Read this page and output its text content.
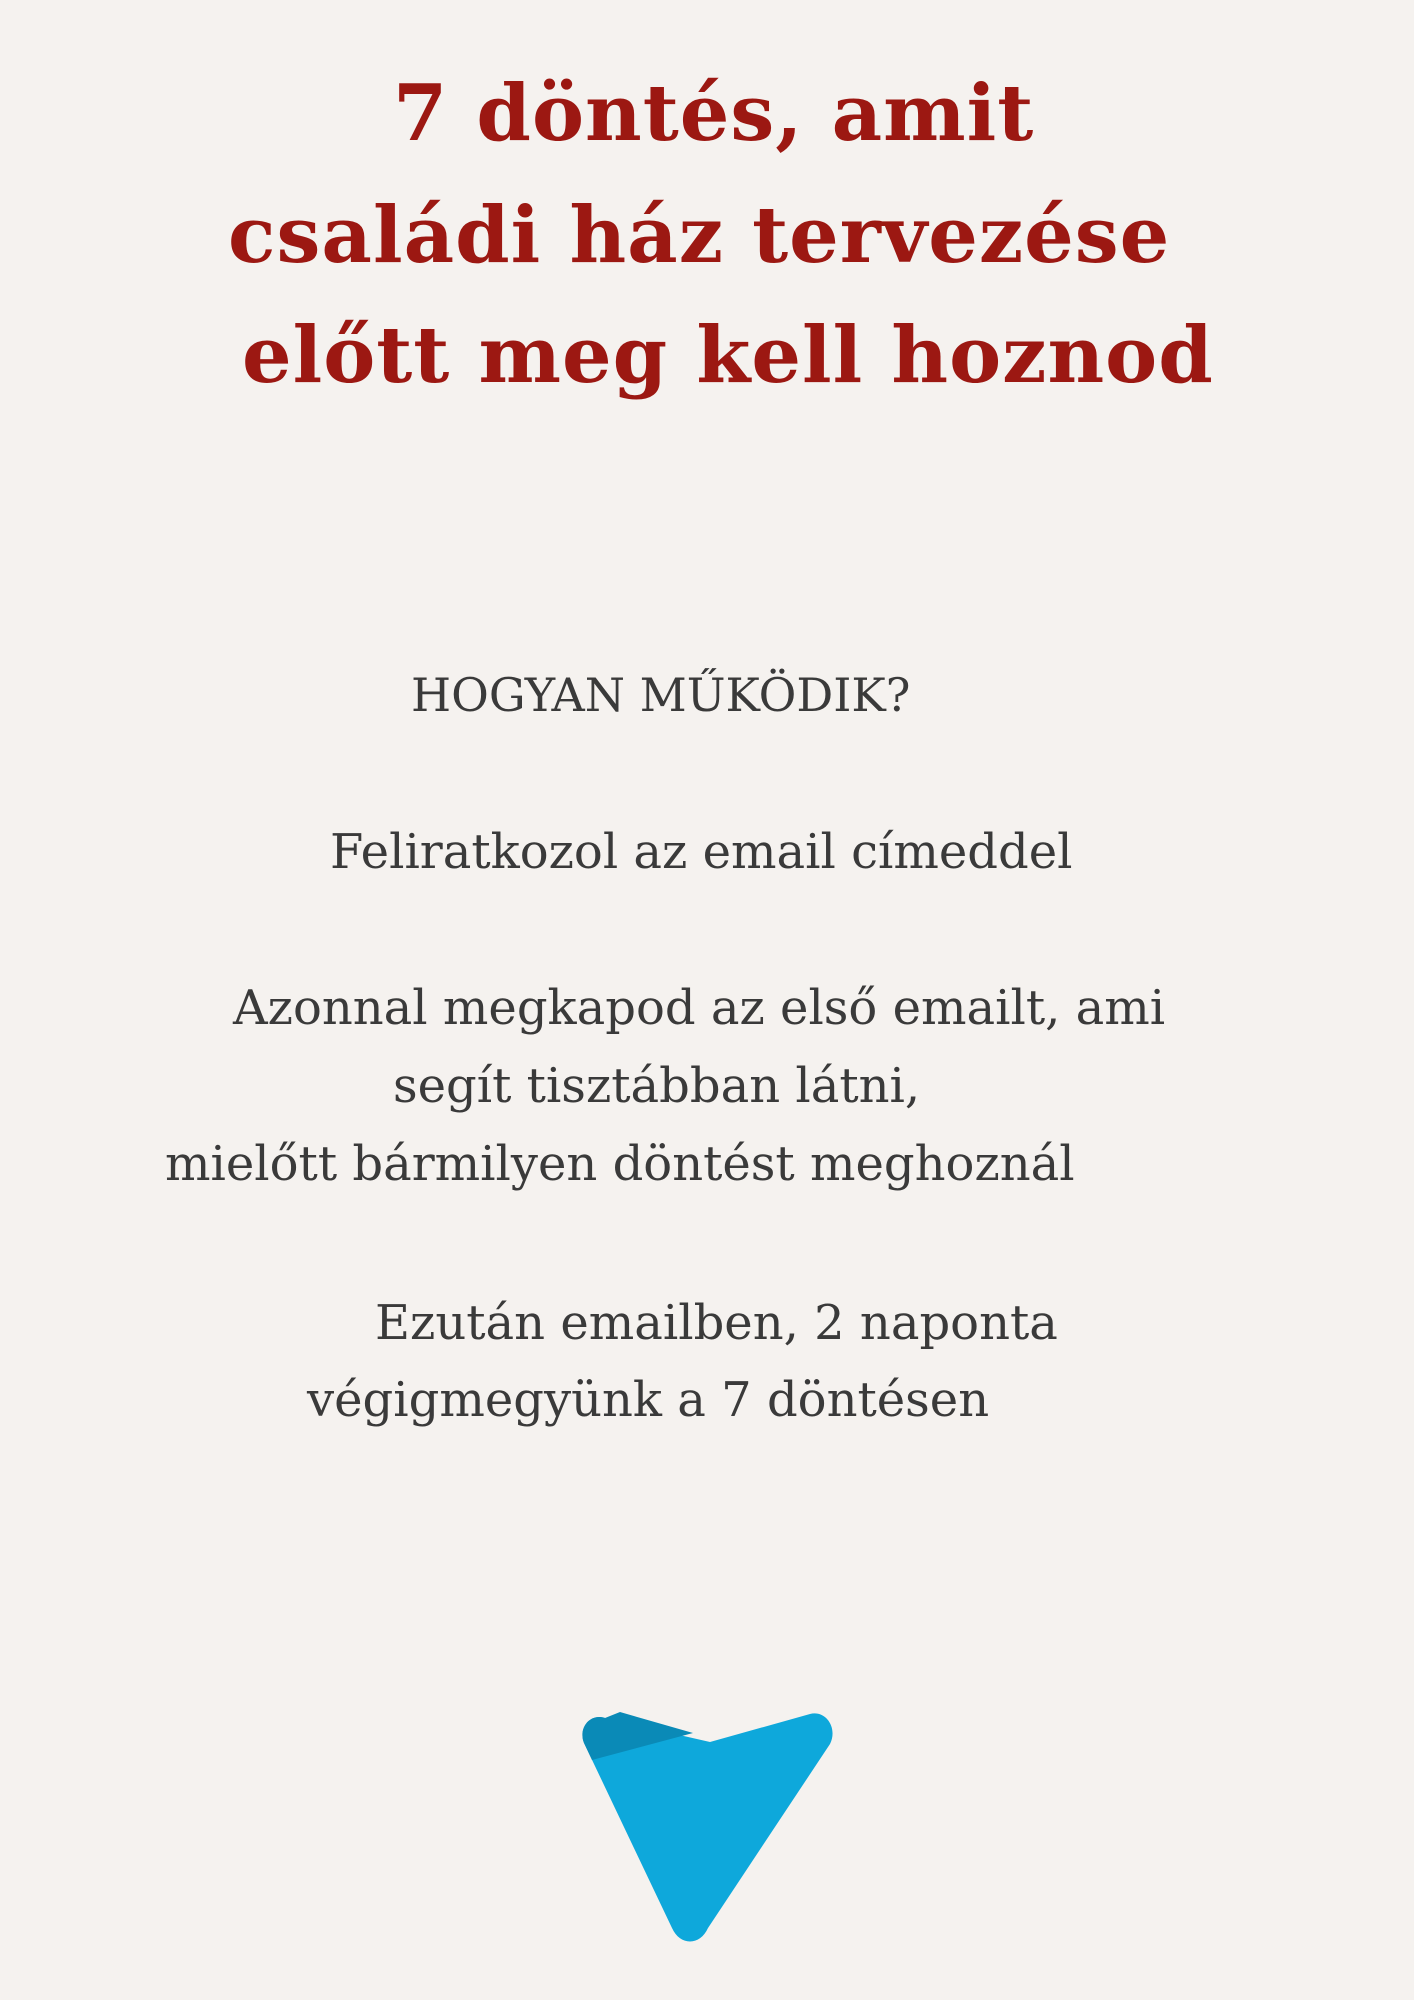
7 döntés, amit
családi ház tervezése
előtt meg kell hoznod
HOGYAN MŰKÖDIK?
Feliratkozol az email címeddel
Azonnal megkapod az első emailt, ami
segít tisztábban látni,
mielőtt bármilyen döntést meghoznál
Ezután emailben, 2 naponta
végigmegyünk a 7 döntésen
